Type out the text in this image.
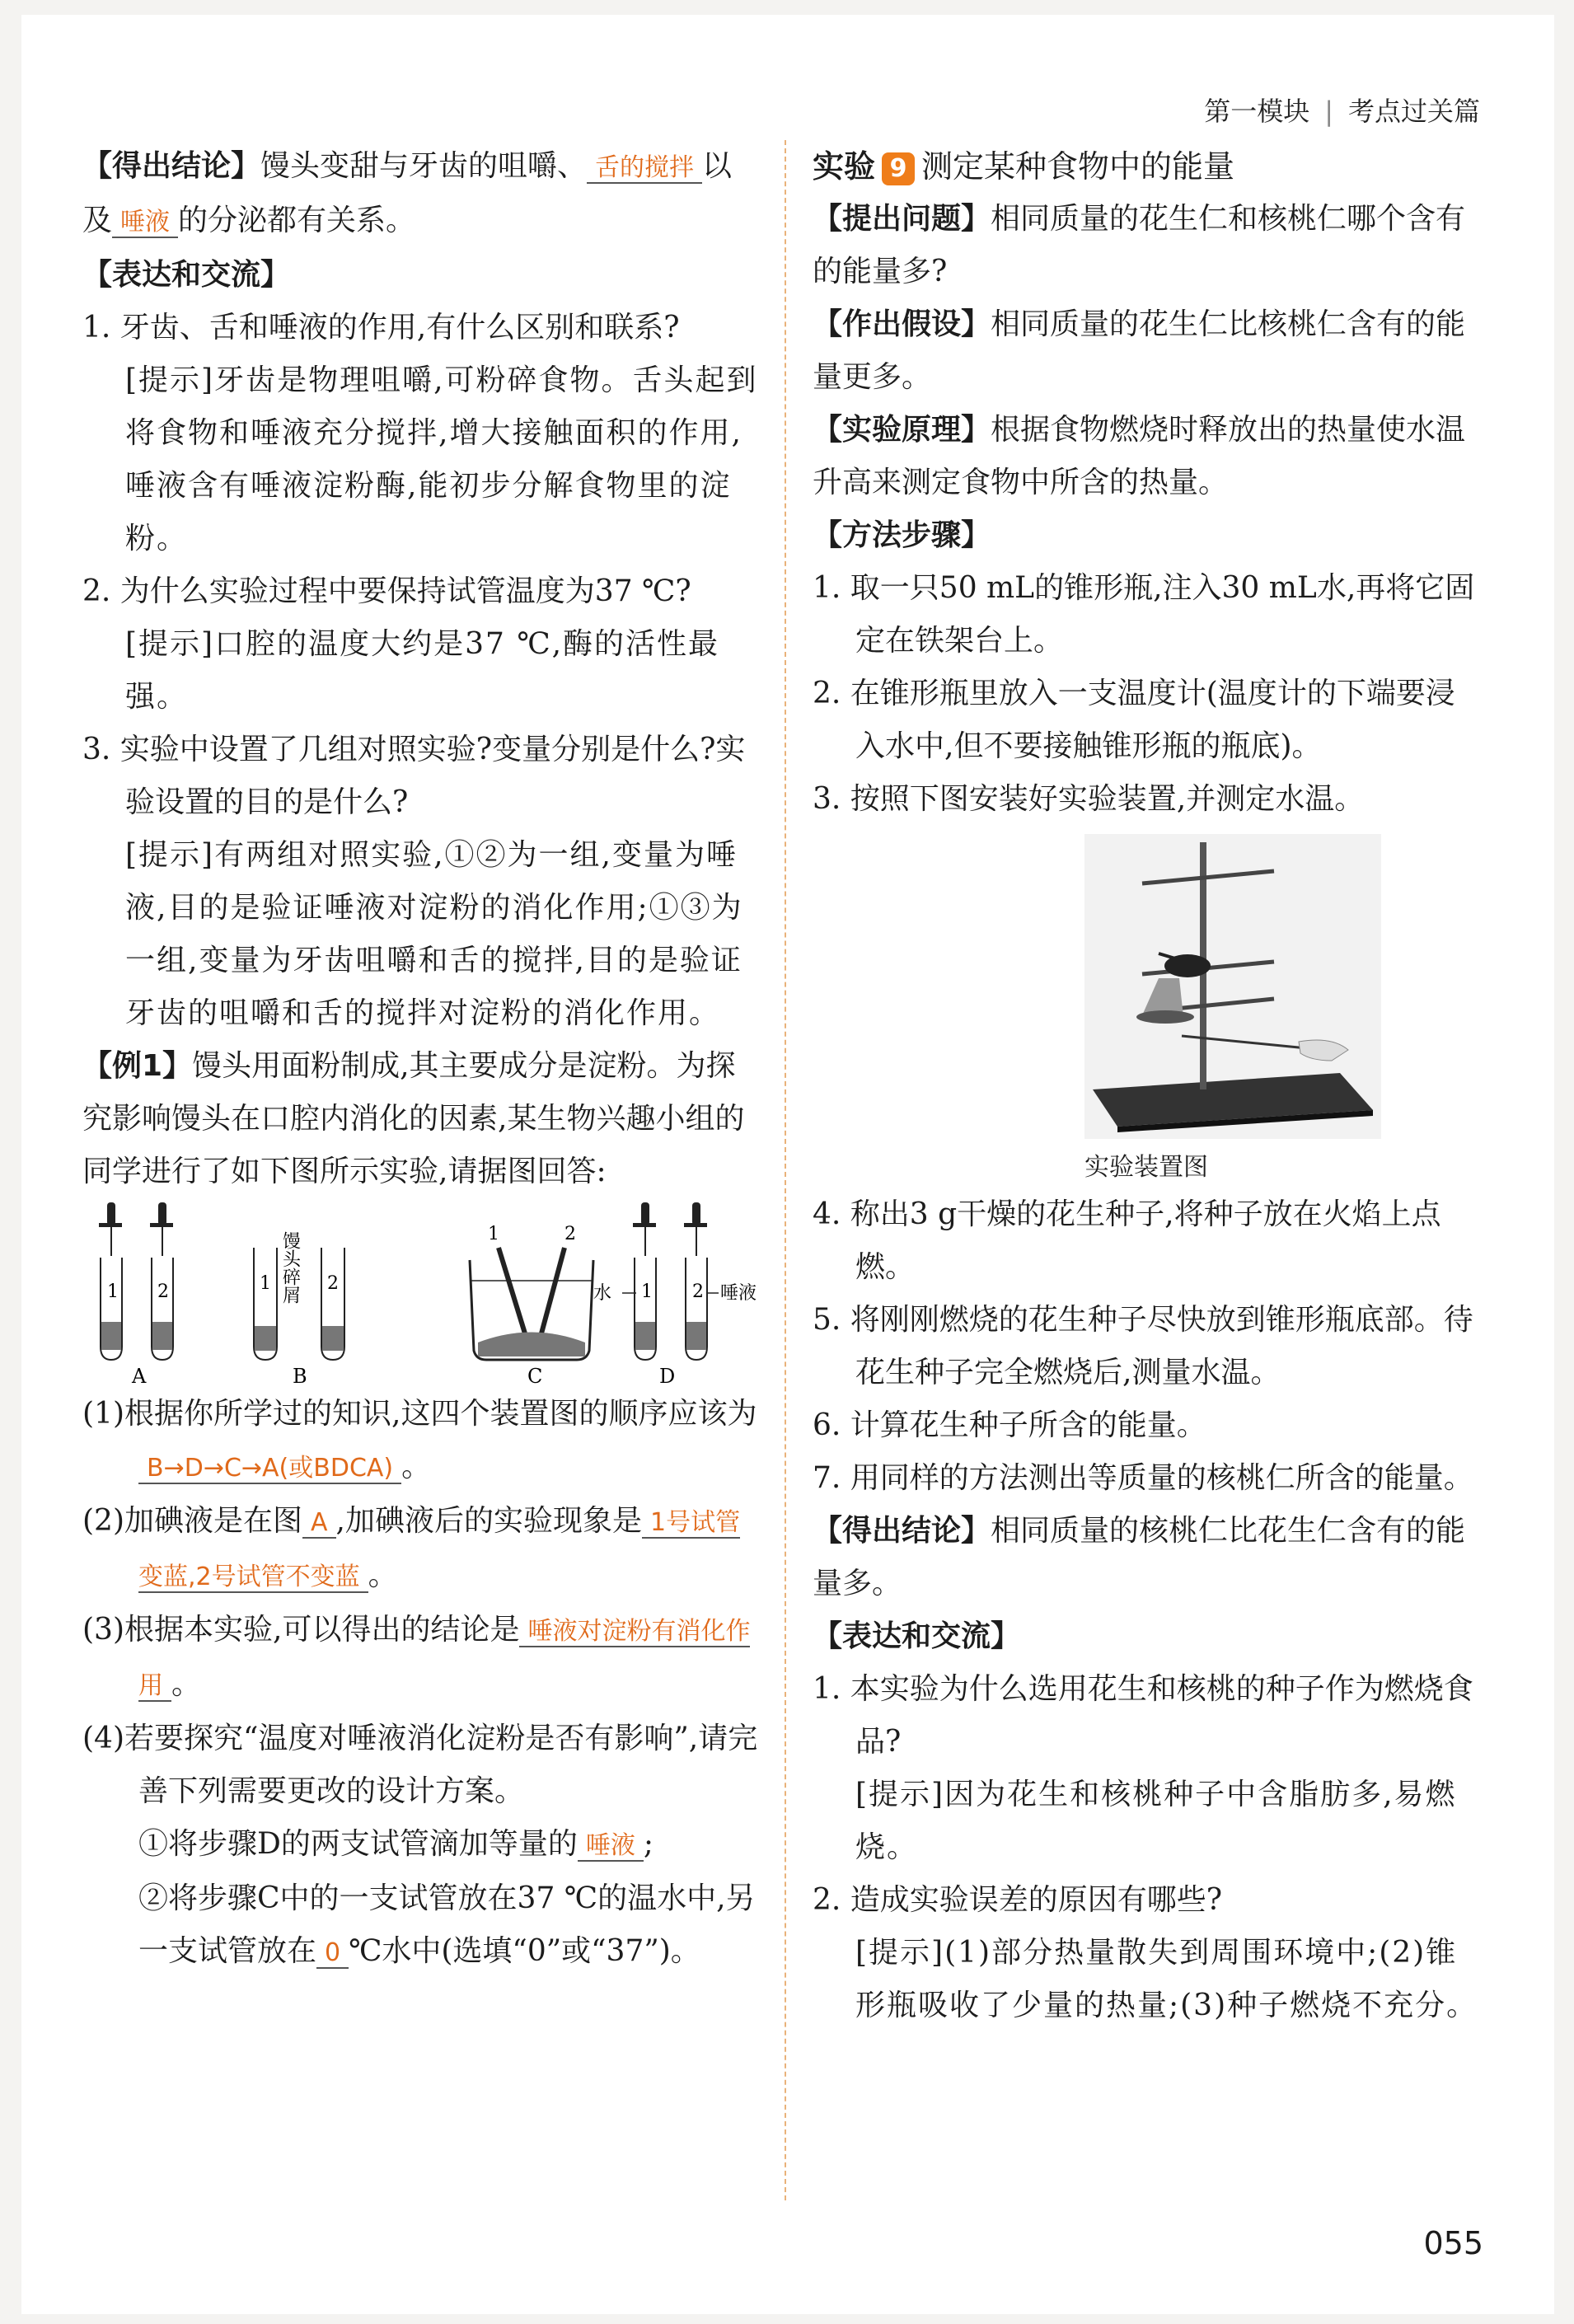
第一模块 | 考点过关篇

【得出结论】馒头变甜与牙齿的咀嚼、 舌的搅拌 以及 唾液 的分泌都有关系。

【表达和交流】

1. 牙齿、舌和唾液的作用,有什么区别和联系?

[提示]牙齿是物理咀嚼,可粉碎食物。舌头起到将食物和唾液充分搅拌,增大接触面积的作用,唾液含有唾液淀粉酶,能初步分解食物里的淀粉。

2. 为什么实验过程中要保持试管温度为37 ℃?

[提示]口腔的温度大约是37 ℃,酶的活性最强。

3. 实验中设置了几组对照实验?变量分别是什么?实验设置的目的是什么?

[提示]有两组对照实验,①②为一组,变量为唾液,目的是验证唾液对淀粉的消化作用;①③为一组,变量为牙齿咀嚼和舌的搅拌,目的是验证牙齿的咀嚼和舌的搅拌对淀粉的消化作用。

【例1】馒头用面粉制成,其主要成分是淀粉。为探究影响馒头在口腔内消化的因素,某生物兴趣小组的同学进行了如下图所示实验,请据图回答:

1 2
A
1	2
馒头碎屑
B
1	2
C
1 2
水	唾液
D

(1)根据你所学过的知识,这四个装置图的顺序应该为B→D→C→A(或BDCA) 。

(2)加碘液是在图 A ,加碘液后的实验现象是 1号试管变蓝,2号试管不变蓝 。

(3)根据本实验,可以得出的结论是 唾液对淀粉有消化作用 。

(4)若要探究“温度对唾液消化淀粉是否有影响”,请完善下列需要更改的设计方案。

①将步骤D的两支试管滴加等量的 唾液 ;

②将步骤C中的一支试管放在37 ℃的温水中,另一支试管放在 0 ℃水中(选填“0”或“37”)。

实验 9 测定某种食物中的能量

【提出问题】相同质量的花生仁和核桃仁哪个含有的能量多?

【作出假设】相同质量的花生仁比核桃仁含有的能量更多。

【实验原理】根据食物燃烧时释放出的热量使水温升高来测定食物中所含的热量。

【方法步骤】

1. 取一只50 mL的锥形瓶,注入30 mL水,再将它固定在铁架台上。

2. 在锥形瓶里放入一支温度计(温度计的下端要浸入水中,但不要接触锥形瓶的瓶底)。

3. 按照下图安装好实验装置,并测定水温。

实验装置图

4. 称出3 g干燥的花生种子,将种子放在火焰上点燃。

5. 将刚刚燃烧的花生种子尽快放到锥形瓶底部。待花生种子完全燃烧后,测量水温。

6. 计算花生种子所含的能量。

7. 用同样的方法测出等质量的核桃仁所含的能量。

【得出结论】相同质量的核桃仁比花生仁含有的能量多。

【表达和交流】

1. 本实验为什么选用花生和核桃的种子作为燃烧食品?

[提示]因为花生和核桃种子中含脂肪多,易燃烧。

2. 造成实验误差的原因有哪些?

[提示](1)部分热量散失到周围环境中;(2)锥形瓶吸收了少量的热量;(3)种子燃烧不充分。

055
